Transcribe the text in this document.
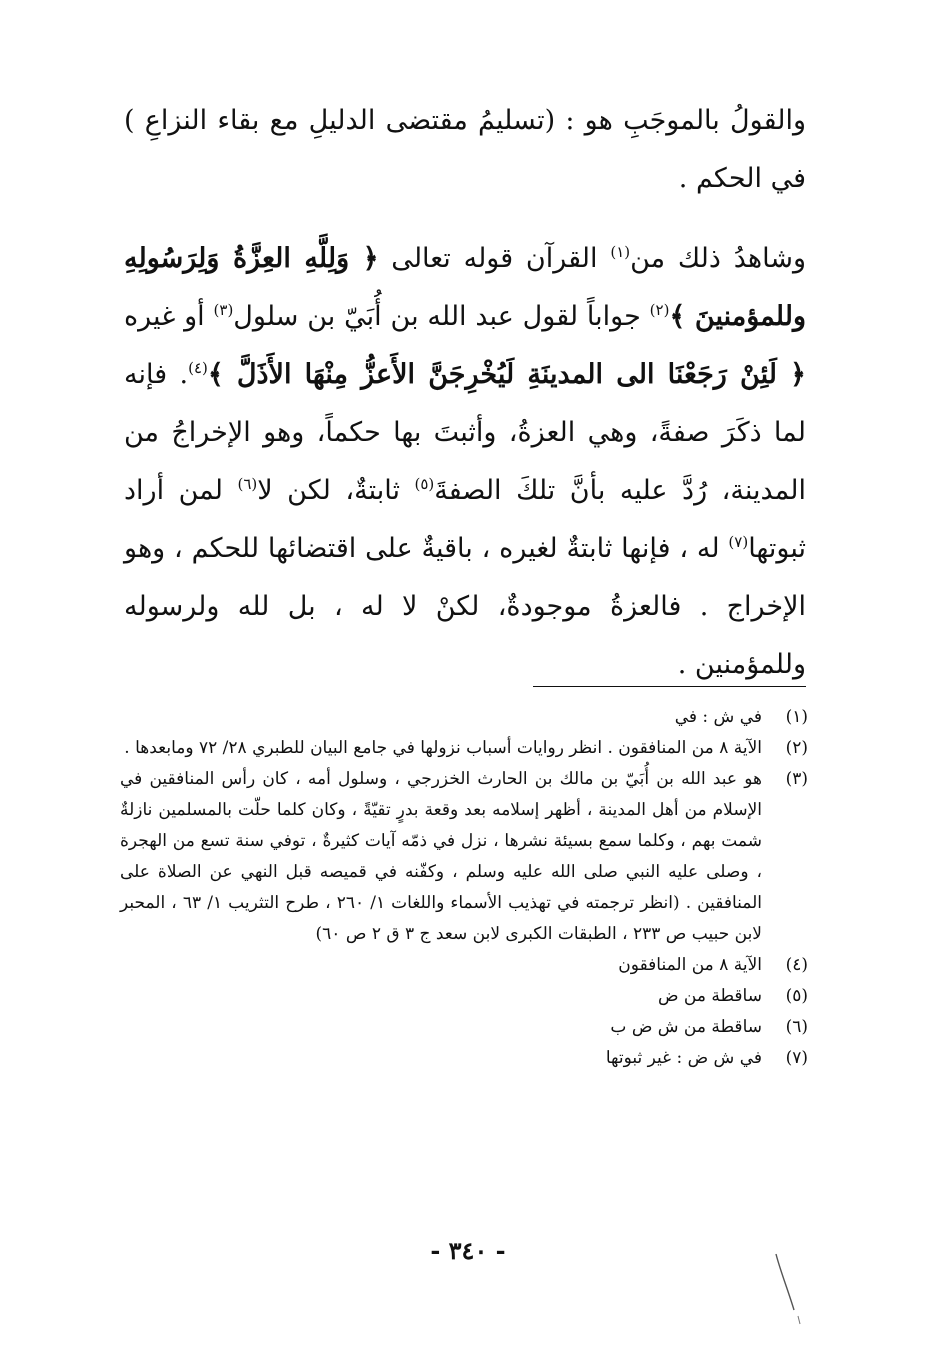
والقولُ بالموجَبِ هو : (تسليمُ مقتضى الدليلِ مع بقاء النزاعِ ) في الحكم .

وشاهدُ ذلك من$^{(١)}$ القرآن قوله تعالى ﴿ وَلِلَّهِ العِزَّةُ وَلِرَسُولِهِ وللمؤمنينَ ﴾$^{(٢)}$ جواباً لقول عبد الله بن أُبَيّ بن سلول$^{(٣)}$ أو غيره ﴿ لَئِنْ رَجَعْنَا الى المدينَةِ لَيُخْرِجَنَّ الأَعزُّ مِنْهَا الأَذَلَّ ﴾$^{(٤)}$. فإنه لما ذكَرَ صفةً، وهي العزةُ، وأثبتَ بها حكماً، وهو الإخراجُ من المدينة، رُدَّ عليه بأنَّ تلكَ الصفةَ$^{(٥)}$ ثابتةٌ، لكن لا$^{(٦)}$ لمن أراد ثبوتها$^{(٧)}$ له ، فإنها ثابتةٌ لغيره ، باقيةٌ على اقتضائها للحكم ، وهو الإخراج . فالعزةُ موجودةٌ، لكنْ لا له ، بل لله ولرسوله وللمؤمنين .

(١)
في ش : في
(٢)
الآية ٨ من المنافقون . انظر روايات أسباب نزولها في جامع البيان للطبري ٢٨/ ٧٢ ومابعدها .
(٣)
هو عبد الله بن أُبَيّ بن مالك بن الحارث الخزرجي ، وسلول أمه ، كان رأس المنافقين في الإسلام من أهل المدينة ، أظهر إسلامه بعد وقعة بدرٍ تقيّةً ، وكان كلما حلّت بالمسلمين نازلةٌ شمت بهم ، وكلما سمع بسيئة نشرها ، نزل في ذمّه آيات كثيرةٌ ، توفي سنة تسع من الهجرة ، وصلى عليه النبي صلى الله عليه وسلم ، وكفّنه في قميصه قبل النهي عن الصلاة على المنافقين . (انظر ترجمته في تهذيب الأسماء واللغات ١/ ٢٦٠ ، طرح التثريب ١/ ٦٣ ، المحبر لابن حبيب ص ٢٣٣ ، الطبقات الكبرى لابن سعد ج ٣ ق ٢ ص ٦٠)
(٤)
الآية ٨ من المنافقون
(٥)
ساقطة من ض
(٦)
ساقطة من ش ض ب
(٧)
في ش ض : غير ثبوتها
- ٣٤٠ -
